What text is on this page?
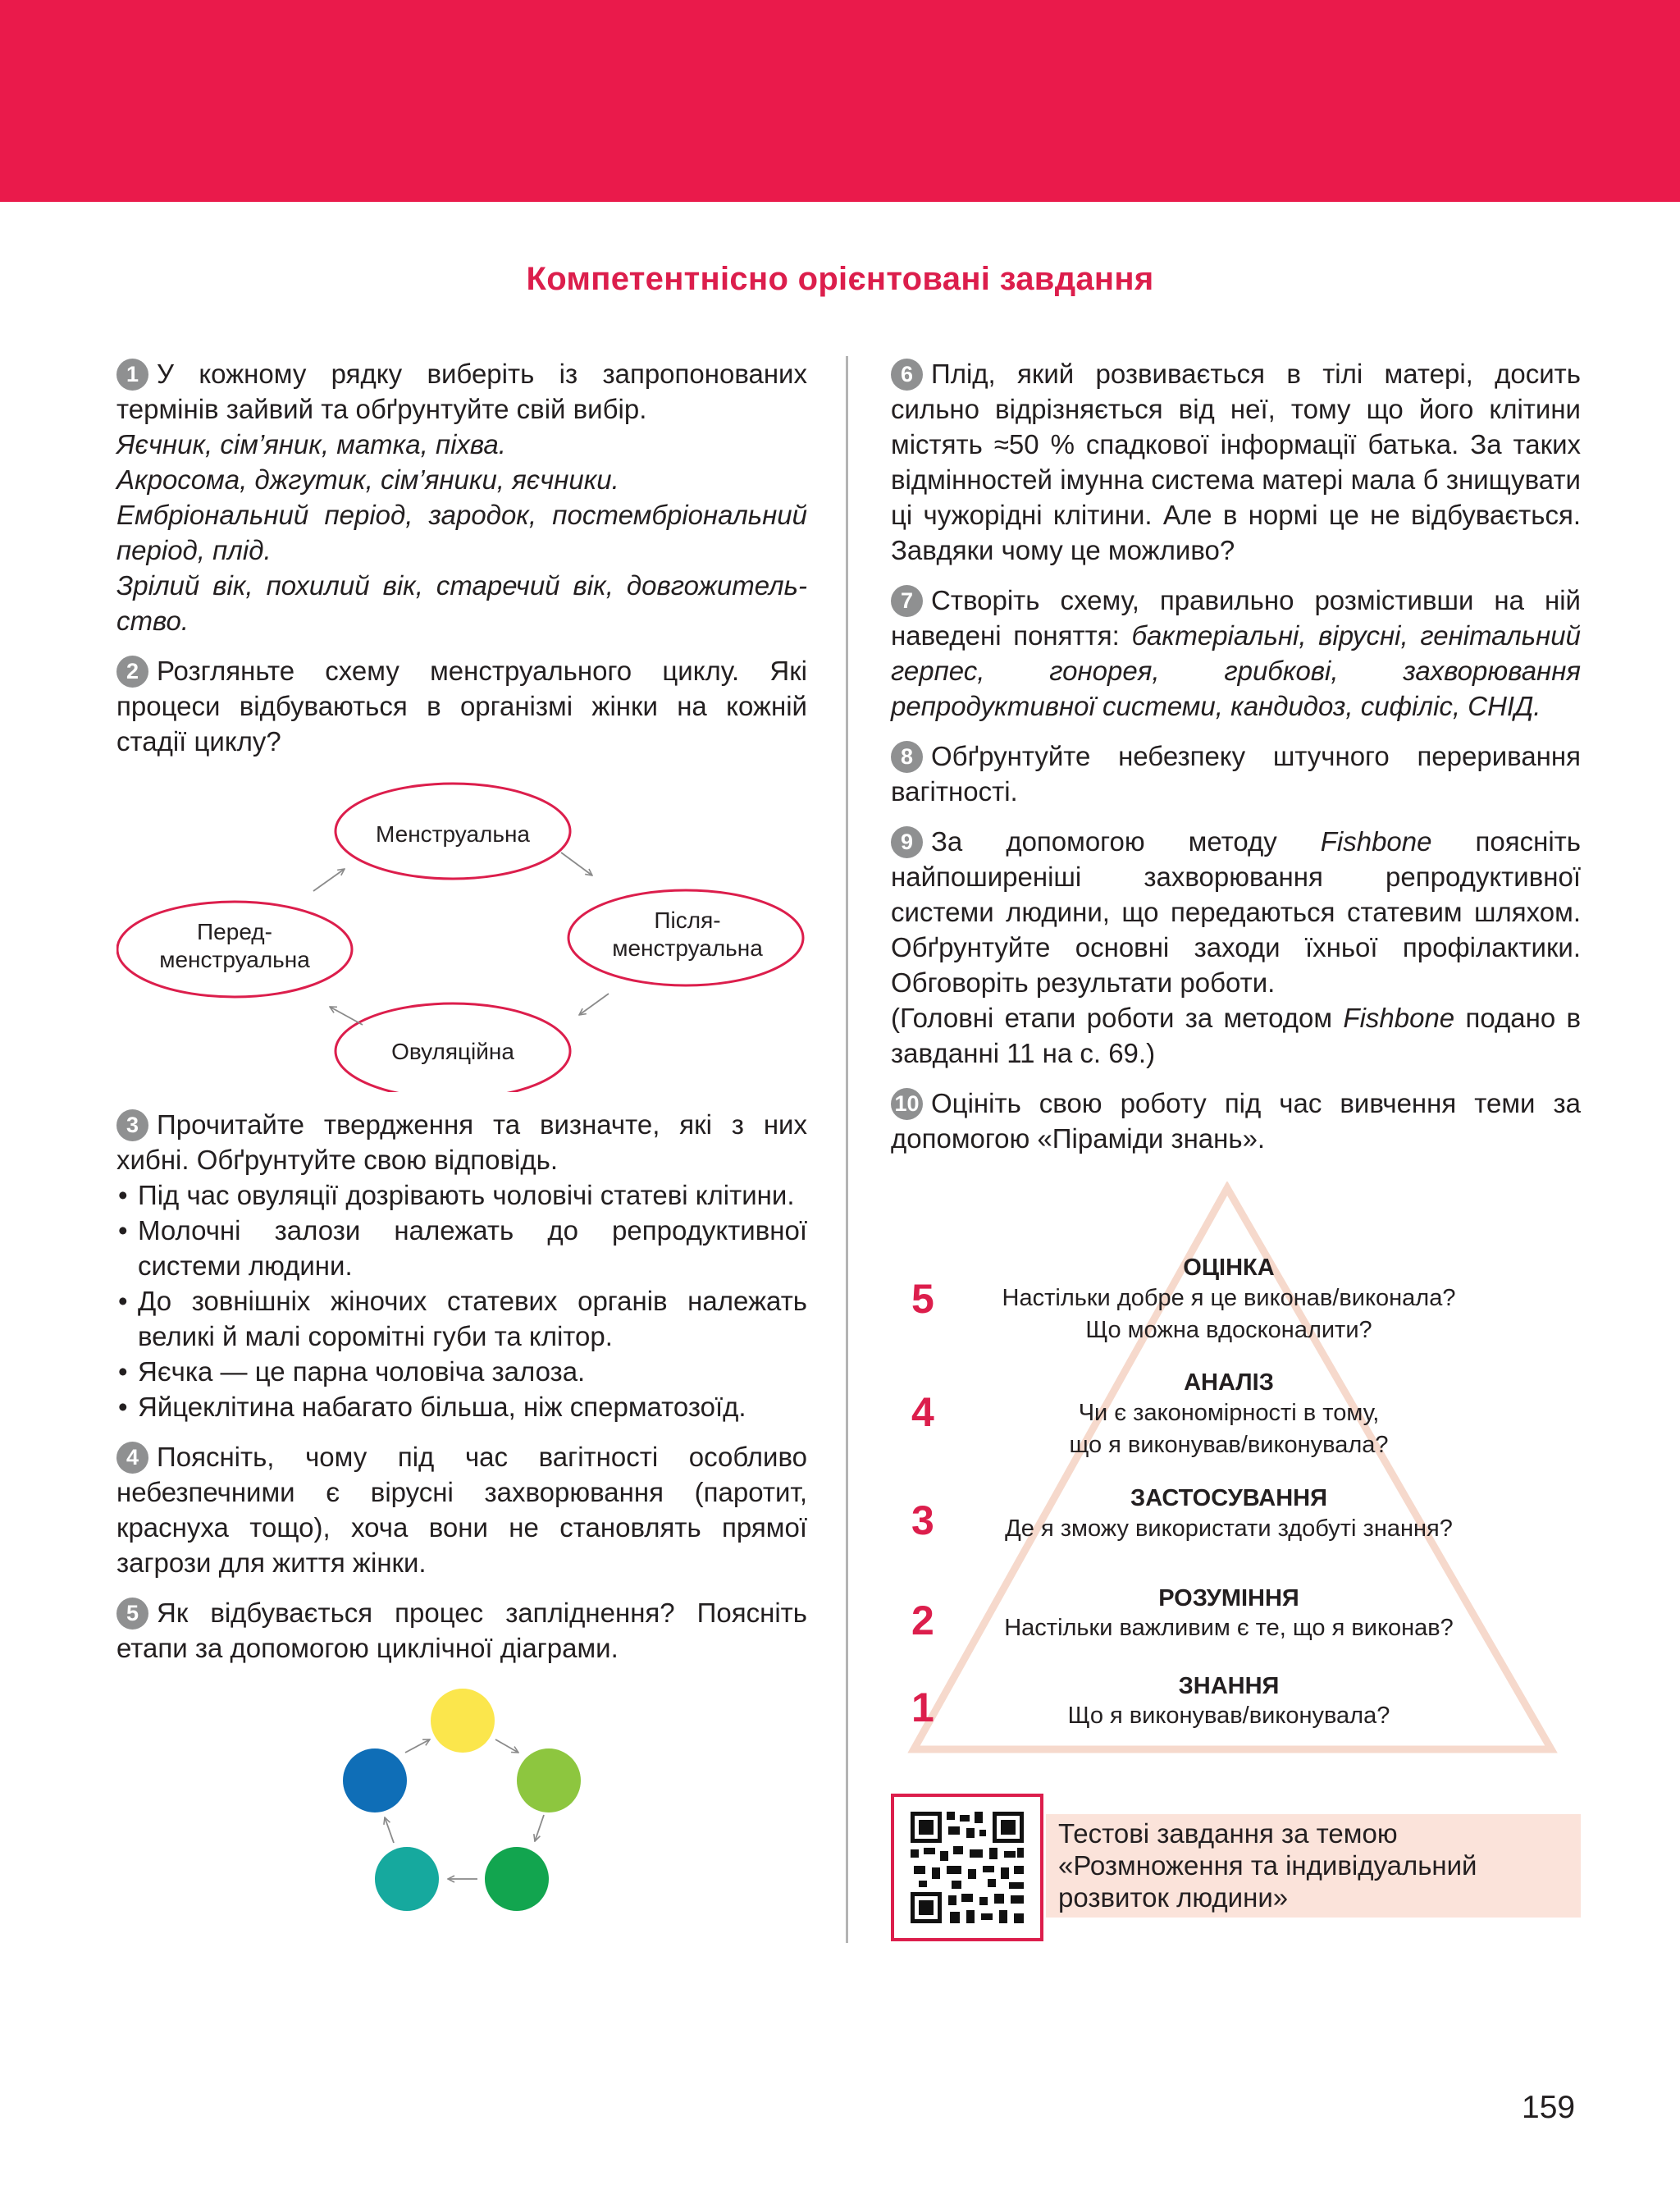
Компетентнісно орієнтовані завдання

1 У кожному рядку виберіть із запропонованих термінів зайвий та обґрунтуйте свій вибір.

Яєчник, сім’яник, матка, піхва.

Акросома, джгутик, сім’яники, яєчники.

Ембріональний період, зародок, постембріональний період, плід.

Зрілий вік, похилий вік, старечий вік, довгожительство.

2 Розгляньте схему менструального циклу. Які процеси відбуваються в організмі жінки на кожній стадії циклу?

Менструальна
Після-
менструальна
Овуляційна
Перед-
менструальна

3 Прочитайте твердження та визначте, які з них хибні. Обґрунтуйте свою відповідь.

• Під час овуляції дозрівають чоловічі статеві клітини.
• Молочні залози належать до репродуктивної системи людини.
• До зовнішніх жіночих статевих органів належать великі й малі соромітні губи та клітор.
• Яєчка — це парна чоловіча залоза.
• Яйцеклітина набагато більша, ніж сперматозоїд.

4 Поясніть, чому під час вагітності особливо небезпечними є вірусні захворювання (паротит, краснуха тощо), хоча вони не становлять прямої загрози для життя жінки.

5 Як відбувається процес запліднення? Поясніть етапи за допомогою циклічної діаграми.

6 Плід, який розвивається в тілі матері, досить сильно відрізняється від неї, тому що його клітини містять ≈50 % спадкової інформації батька. За таких відмінностей імунна система матері мала б знищувати ці чужорідні клітини. Але в нормі це не відбувається. Завдяки чому це можливо?

7 Створіть схему, правильно розмістивши на ній наведені поняття: бактеріальні, вірусні, генітальний герпес, гонорея, грибкові, захворювання репродуктивної системи, кандидоз, сифіліс, СНІД.

8 Обґрунтуйте небезпеку штучного переривання вагітності.

9 За допомогою методу Fishbone поясніть найпоширеніші захворювання репродуктивної системи людини, що передаються статевим шляхом. Обґрунтуйте основні заходи їхньої профілактики. Обговоріть результати роботи.

(Головні етапи роботи за методом Fishbone подано в завданні 11 на с. 69.)

10 Оцініть свою роботу під час вивчення теми за допомогою «Піраміди знань».

5
ОЦІНКА
Настільки добре я це виконав/виконала?
Що можна вдосконалити?
4
АНАЛІЗ
Чи є закономірності в тому,
що я виконував/виконувала?
3	ЗАСТОСУВАННЯ
Де я зможу використати здобуті знання?
2	РОЗУМІННЯ
Настільки важливим є те, що я виконав?
1	ЗНАННЯ
Що я виконував/виконувала?
Тестові завдання за темою
«Розмноження та індивідуальний
розвиток людини»
159
